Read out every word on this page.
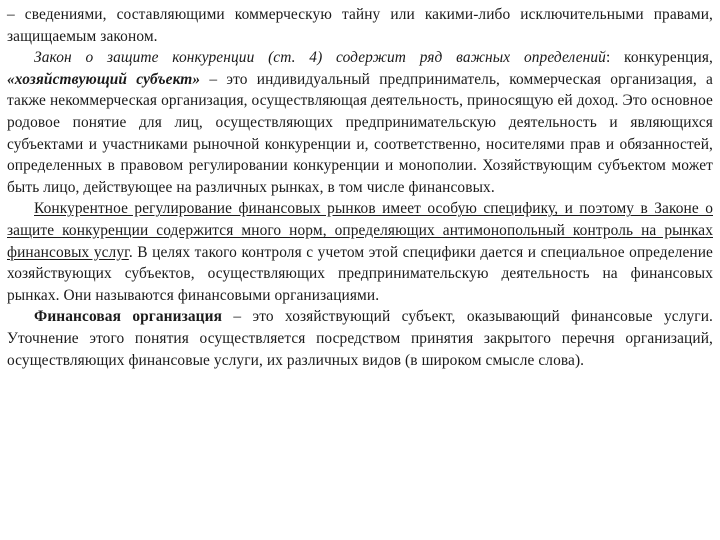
– сведениями, составляющими коммерческую тайну или какими-либо исключительными правами, защищаемым законом.

Закон о защите конкуренции (ст. 4) содержит ряд важных определений: конкуренция, «хозяйствующий субъект» – это индивидуальный предприниматель, коммерческая организация, а также некоммерческая организация, осуществляющая деятельность, приносящую ей доход. Это основное родовое понятие для лиц, осуществляющих предпринимательскую деятельность и являющихся субъектами и участниками рыночной конкуренции и, соответственно, носителями прав и обязанностей, определенных в правовом регулировании конкуренции и монополии. Хозяйствующим субъектом может быть лицо, действующее на различных рынках, в том числе финансовых.

Конкурентное регулирование финансовых рынков имеет особую специфику, и поэтому в Законе о защите конкуренции содержится много норм, определяющих антимонопольный контроль на рынках финансовых услуг. В целях такого контроля с учетом этой специфики дается и специальное определение хозяйствующих субъектов, осуществляющих предпринимательскую деятельность на финансовых рынках. Они называются финансовыми организациями.

Финансовая организация – это хозяйствующий субъект, оказывающий финансовые услуги. Уточнение этого понятия осуществляется посредством принятия закрытого перечня организаций, осуществляющих финансовые услуги, их различных видов (в широком смысле слова).
